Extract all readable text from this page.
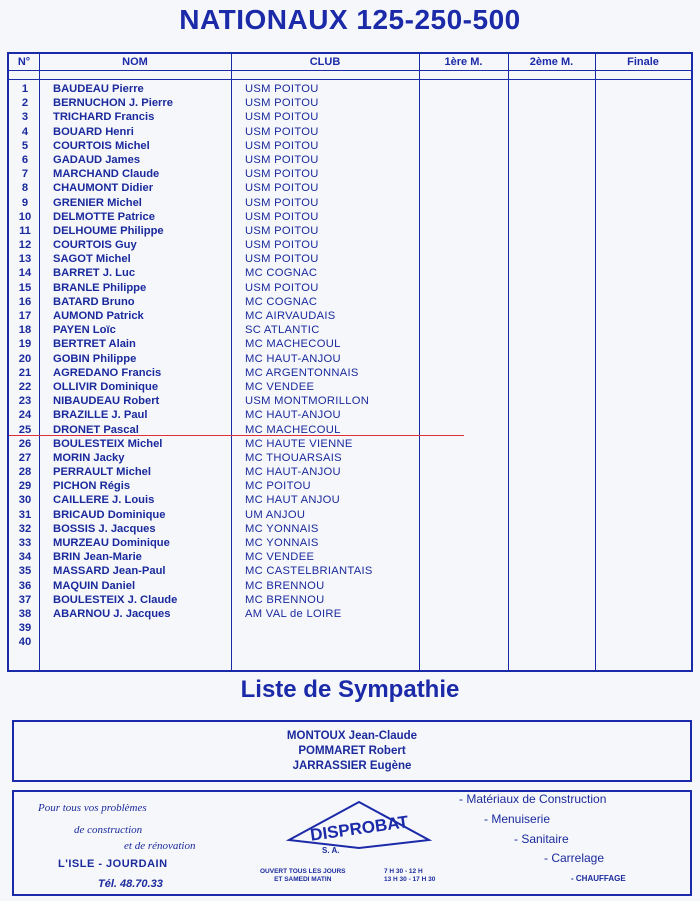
NATIONAUX 125-250-500
N°	NOM	CLUB	1ère M.	2ème M.	Finale
1	BAUDEAU Pierre	USM POITOU
2	BERNUCHON J. Pierre	USM POITOU
3	TRICHARD Francis	USM POITOU
4	BOUARD Henri	USM POITOU
5	COURTOIS Michel	USM POITOU
6	GADAUD James	USM POITOU
7	MARCHAND Claude	USM POITOU
8	CHAUMONT Didier	USM POITOU
9	GRENIER Michel	USM POITOU
10	DELMOTTE Patrice	USM POITOU
11	DELHOUME Philippe	USM POITOU
12	COURTOIS Guy	USM POITOU
13	SAGOT Michel	USM POITOU
14	BARRET J. Luc	MC COGNAC
15	BRANLE Philippe	USM POITOU
16	BATARD Bruno	MC COGNAC
17	AUMOND Patrick	MC AIRVAUDAIS
18	PAYEN Loïc	SC ATLANTIC
19	BERTRET Alain	MC MACHECOUL
20	GOBIN Philippe	MC HAUT-ANJOU
21	AGREDANO Francis	MC ARGENTONNAIS
22	OLLIVIR Dominique	MC VENDEE
23	NIBAUDEAU Robert	USM MONTMORILLON
24	BRAZILLE J. Paul	MC HAUT-ANJOU
25	DRONET Pascal	MC MACHECOUL
26	BOULESTEIX Michel	MC HAUTE VIENNE
27	MORIN Jacky	MC THOUARSAIS
28	PERRAULT Michel	MC HAUT-ANJOU
29	PICHON Régis	MC POITOU
30	CAILLERE J. Louis	MC HAUT ANJOU
31	BRICAUD Dominique	UM ANJOU
32	BOSSIS J. Jacques	MC YONNAIS
33	MURZEAU Dominique	MC YONNAIS
34	BRIN Jean-Marie	MC VENDEE
35	MASSARD Jean-Paul	MC CASTELBRIANTAIS
36	MAQUIN Daniel	MC BRENNOU
37	BOULESTEIX J. Claude	MC BRENNOU
38	ABARNOU J. Jacques	AM VAL de LOIRE
39
40
Liste de Sympathie
MONTOUX Jean-Claude
POMMARET Robert
JARRASSIER Eugène
Pour tous vos problèmes
de construction
et de rénovation
L'ISLE - JOURDAIN
Tél. 48.70.33
DISPROBAT
S. A.
OUVERT TOUS LES JOURS
ET SAMEDI MATIN
7 H 30 - 12 H
13 H 30 - 17 H 30
- Matériaux de Construction
- Menuiserie
- Sanitaire
- Carrelage
- CHAUFFAGE
